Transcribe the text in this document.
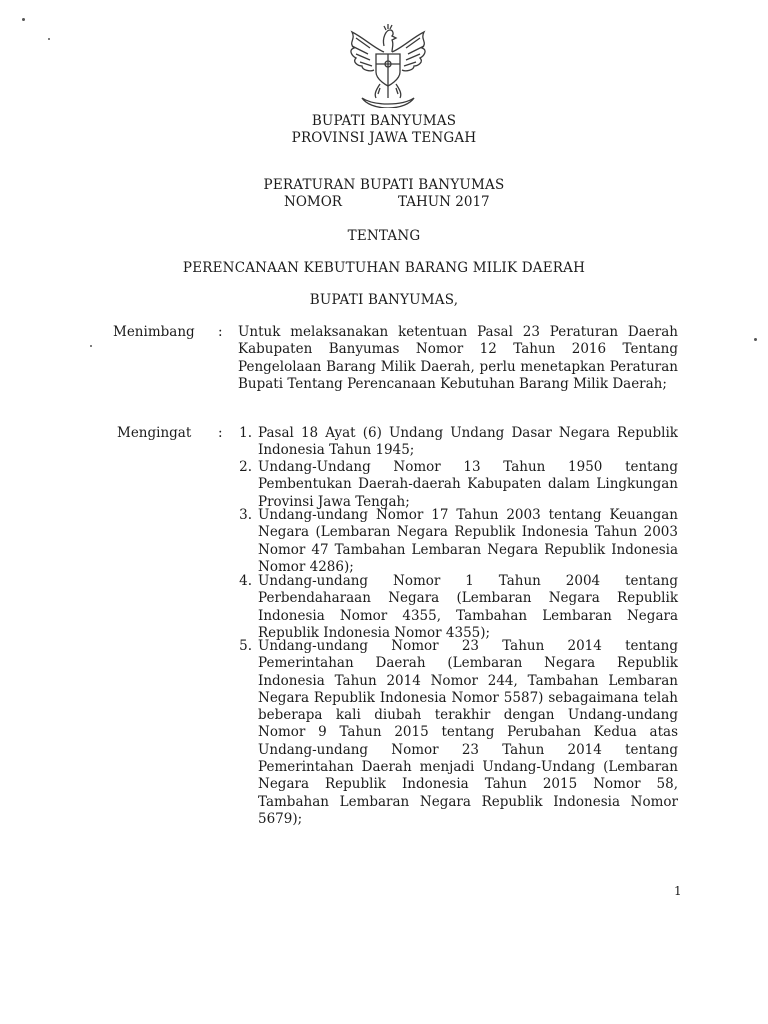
BUPATI BANYUMAS
PROVINSI JAWA TENGAH
PERATURAN BUPATI BANYUMAS
NOMOR	TAHUN 2017
TENTANG
PERENCANAAN KEBUTUHAN BARANG MILIK DAERAH
BUPATI BANYUMAS,
Menimbang : Untuk melaksanakan ketentuan Pasal 23 Peraturan Daerah Kabupaten Banyumas Nomor 12 Tahun 2016 Tentang Pengelolaan Barang Milik Daerah, perlu menetapkan Peraturan Bupati Tentang Perencanaan Kebutuhan Barang Milik Daerah;

Mengingat :	1. Pasal 18 Ayat (6) Undang Undang Dasar Negara Republik Indonesia Tahun 1945;

2. Undang-Undang Nomor 13 Tahun 1950 tentang Pembentukan Daerah-daerah Kabupaten dalam Lingkungan Provinsi Jawa Tengah;

3. Undang-undang Nomor 17 Tahun 2003 tentang Keuangan Negara (Lembaran Negara Republik Indonesia Tahun 2003 Nomor 47 Tambahan Lembaran Negara Republik Indonesia Nomor 4286);

4. Undang-undang Nomor 1 Tahun 2004 tentang Perbendaharaan Negara (Lembaran Negara Republik Indonesia Nomor 4355, Tambahan Lembaran Negara Republik Indonesia Nomor 4355);

5. Undang-undang Nomor 23 Tahun 2014 tentang Pemerintahan Daerah (Lembaran Negara Republik Indonesia Tahun 2014 Nomor 244, Tambahan Lembaran Negara Republik Indonesia Nomor 5587) sebagaimana telah beberapa kali diubah terakhir dengan Undang-undang Nomor 9 Tahun 2015 tentang Perubahan Kedua atas Undang-undang Nomor 23 Tahun 2014 tentang Pemerintahan Daerah menjadi Undang-Undang (Lembaran Negara Republik Indonesia Tahun 2015 Nomor 58, Tambahan Lembaran Negara Republik Indonesia Nomor 5679);

1
